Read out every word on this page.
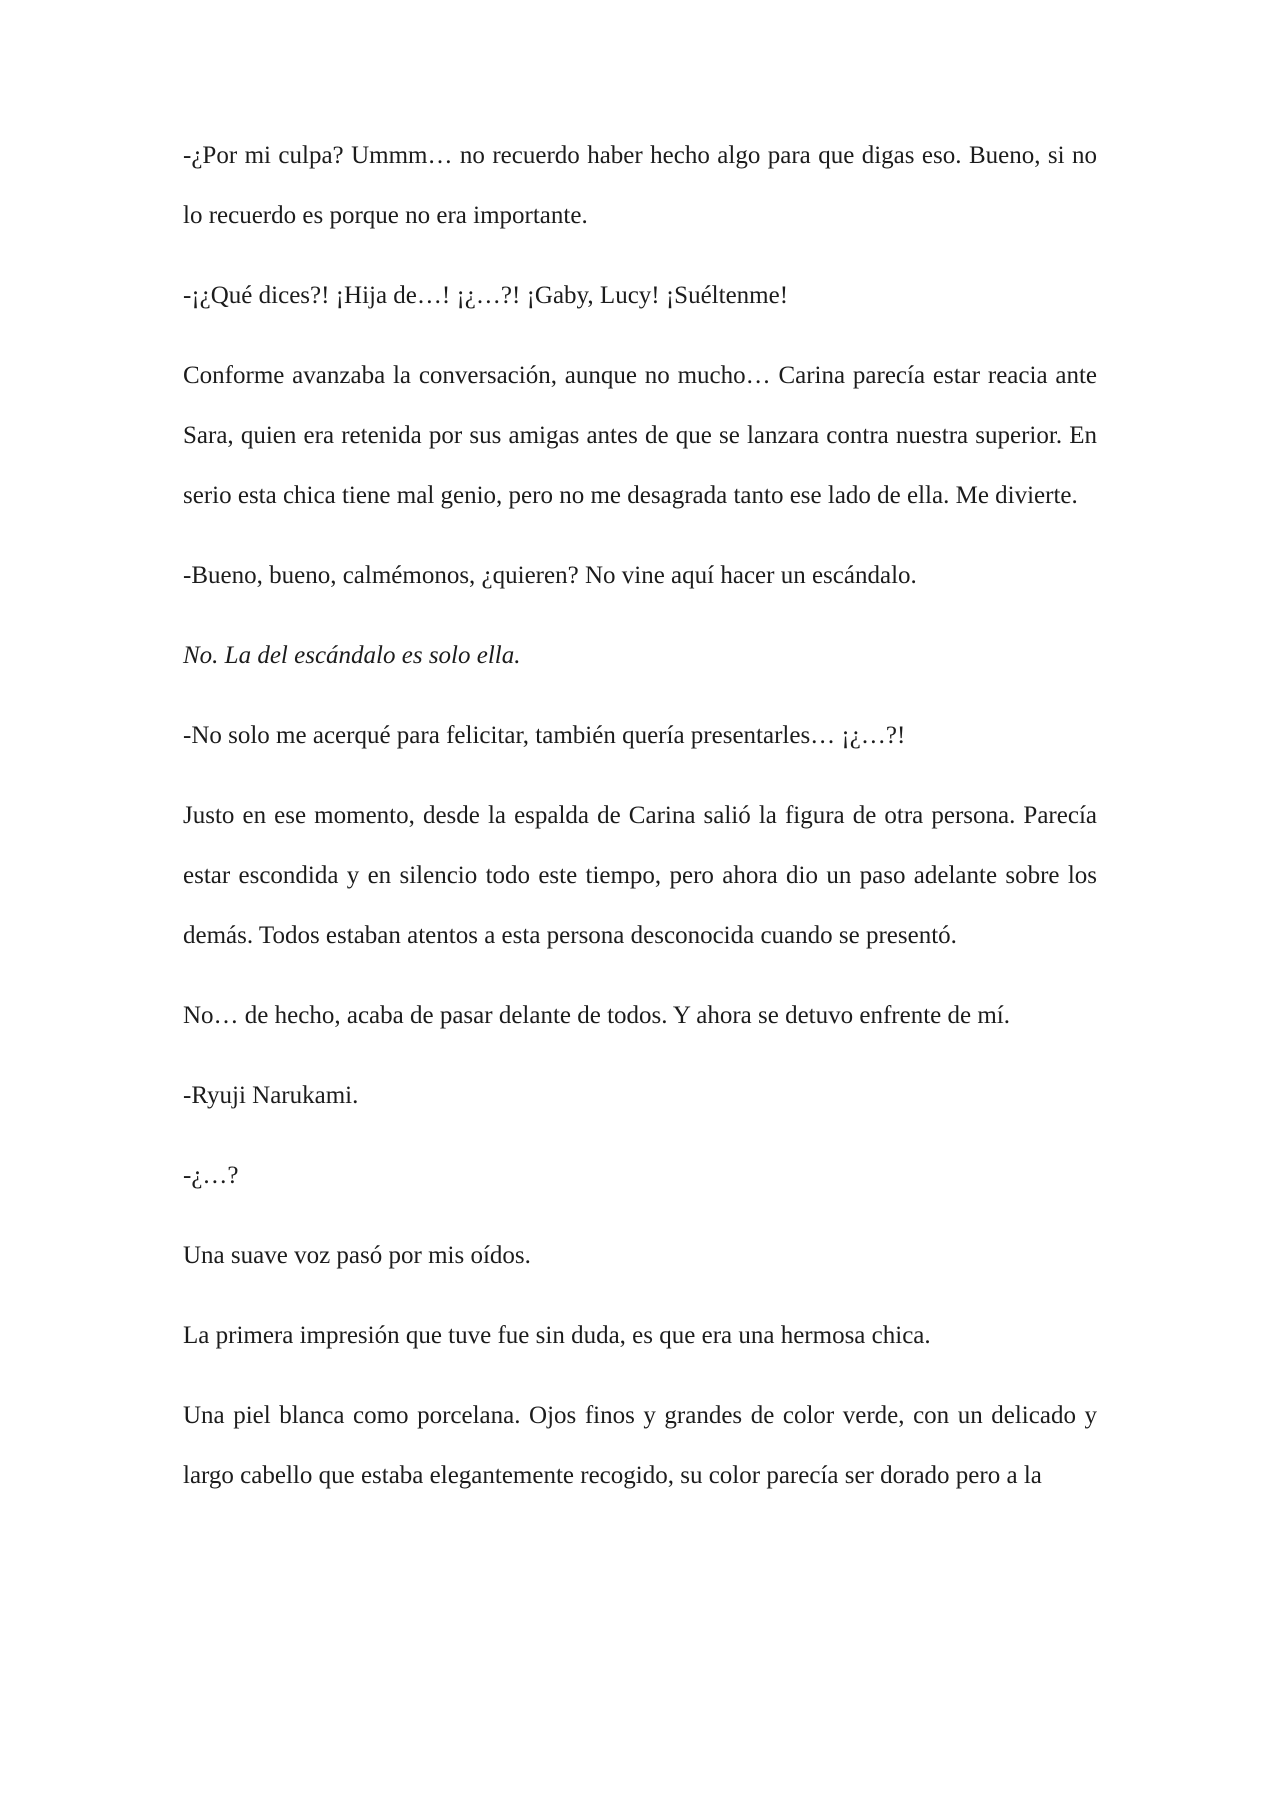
-¿Por mi culpa? Ummm… no recuerdo haber hecho algo para que digas eso. Bueno, si no lo recuerdo es porque no era importante.

-¡¿Qué dices?! ¡Hija de…! ¡¿…?! ¡Gaby, Lucy! ¡Suéltenme!

Conforme avanzaba la conversación, aunque no mucho… Carina parecía estar reacia ante Sara, quien era retenida por sus amigas antes de que se lanzara contra nuestra superior. En serio esta chica tiene mal genio, pero no me desagrada tanto ese lado de ella. Me divierte.

-Bueno, bueno, calmémonos, ¿quieren? No vine aquí hacer un escándalo.

No. La del escándalo es solo ella.

-No solo me acerqué para felicitar, también quería presentarles… ¡¿…?!

Justo en ese momento, desde la espalda de Carina salió la figura de otra persona. Parecía estar escondida y en silencio todo este tiempo, pero ahora dio un paso adelante sobre los demás. Todos estaban atentos a esta persona desconocida cuando se presentó.

No… de hecho, acaba de pasar delante de todos. Y ahora se detuvo enfrente de mí.

-Ryuji Narukami.

-¿…?

Una suave voz pasó por mis oídos.

La primera impresión que tuve fue sin duda, es que era una hermosa chica.

Una piel blanca como porcelana. Ojos finos y grandes de color verde, con un delicado y largo cabello que estaba elegantemente recogido, su color parecía ser dorado pero a la
